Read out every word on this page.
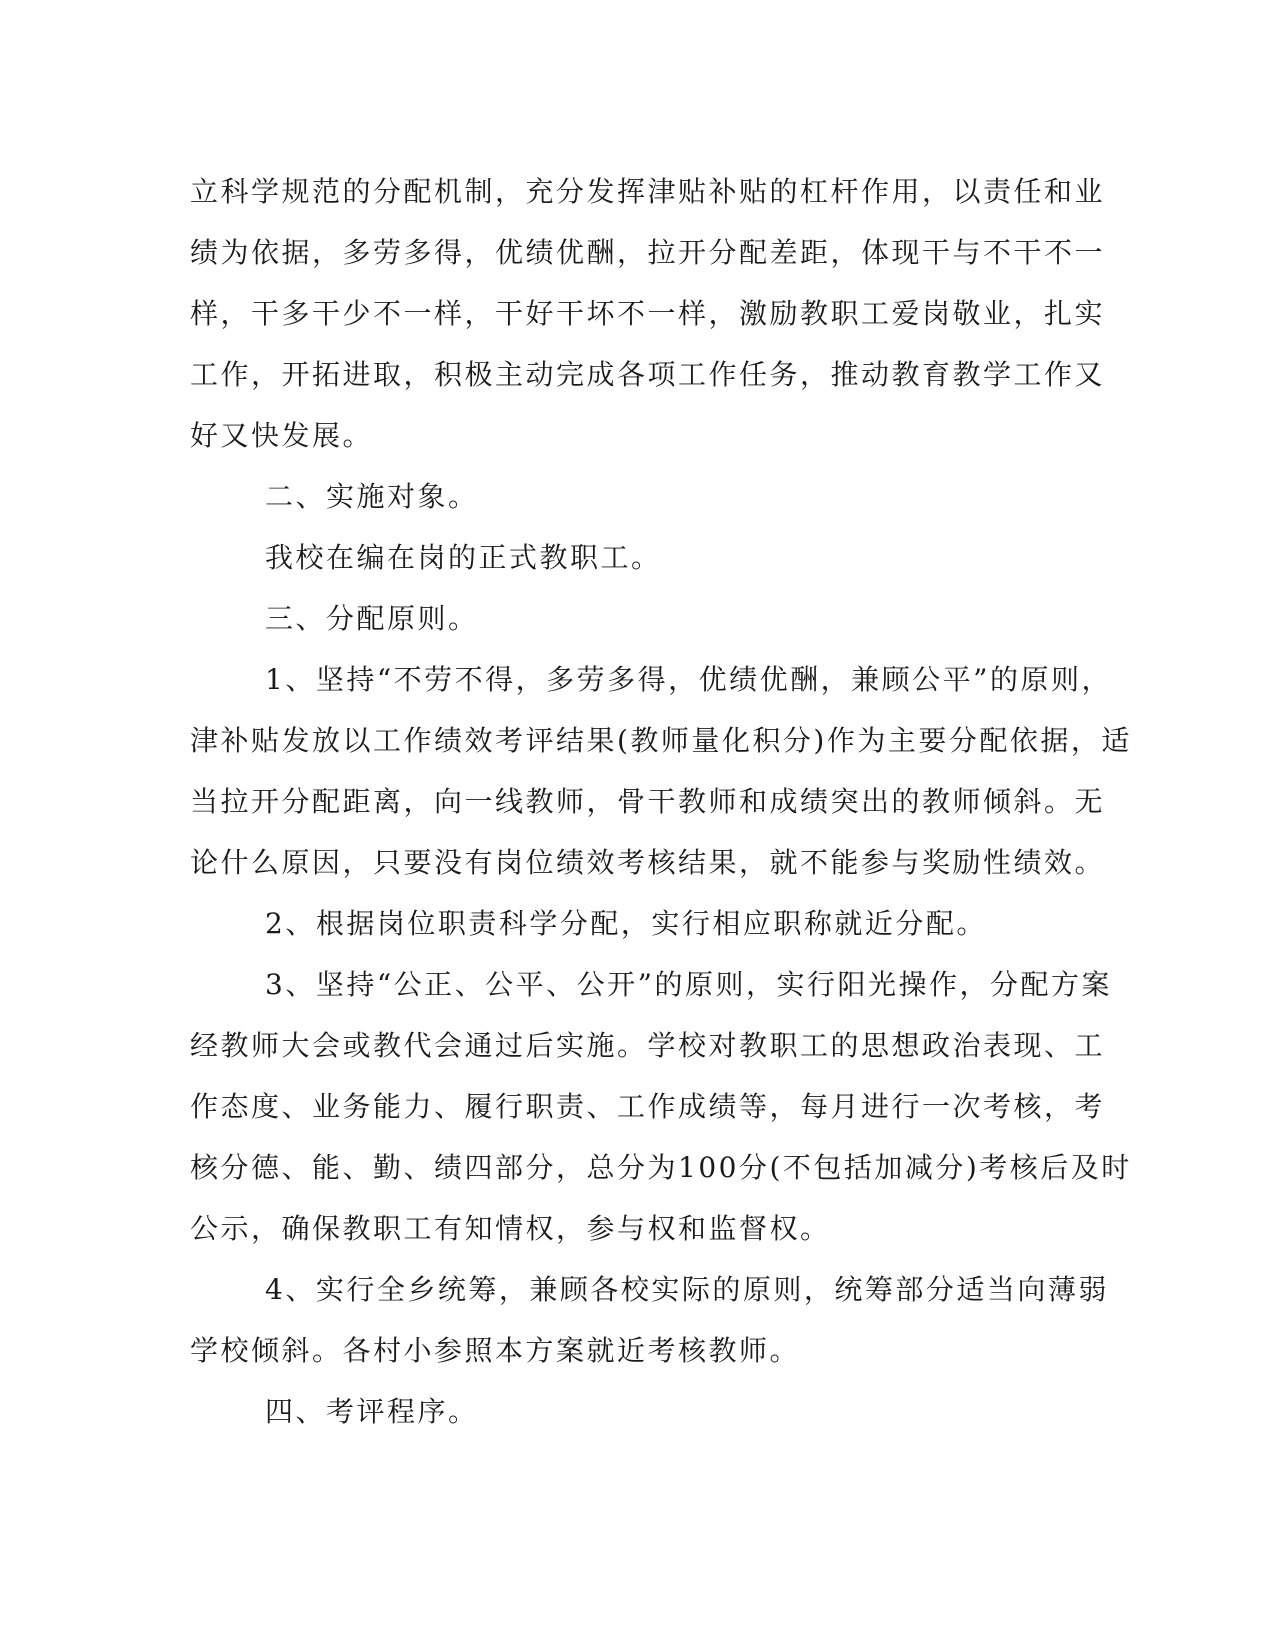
立科学规范的分配机制，充分发挥津贴补贴的杠杆作用，以责任和业
绩为依据，多劳多得，优绩优酬，拉开分配差距，体现干与不干不一
样，干多干少不一样，干好干坏不一样，激励教职工爱岗敬业，扎实
工作，开拓进取，积极主动完成各项工作任务，推动教育教学工作又
好又快发展。
二、实施对象。
我校在编在岗的正式教职工。
三、分配原则。
1、坚持“不劳不得，多劳多得，优绩优酬，兼顾公平”的原则，
津补贴发放以工作绩效考评结果(教师量化积分)作为主要分配依据，适
当拉开分配距离，向一线教师，骨干教师和成绩突出的教师倾斜。无
论什么原因，只要没有岗位绩效考核结果，就不能参与奖励性绩效。
2、根据岗位职责科学分配，实行相应职称就近分配。
3、坚持“公正、公平、公开”的原则，实行阳光操作，分配方案
经教师大会或教代会通过后实施。学校对教职工的思想政治表现、工
作态度、业务能力、履行职责、工作成绩等，每月进行一次考核，考
核分德、能、勤、绩四部分，总分为100分(不包括加减分)考核后及时
公示，确保教职工有知情权，参与权和监督权。
4、实行全乡统筹，兼顾各校实际的原则，统筹部分适当向薄弱
学校倾斜。各村小参照本方案就近考核教师。
四、考评程序。
